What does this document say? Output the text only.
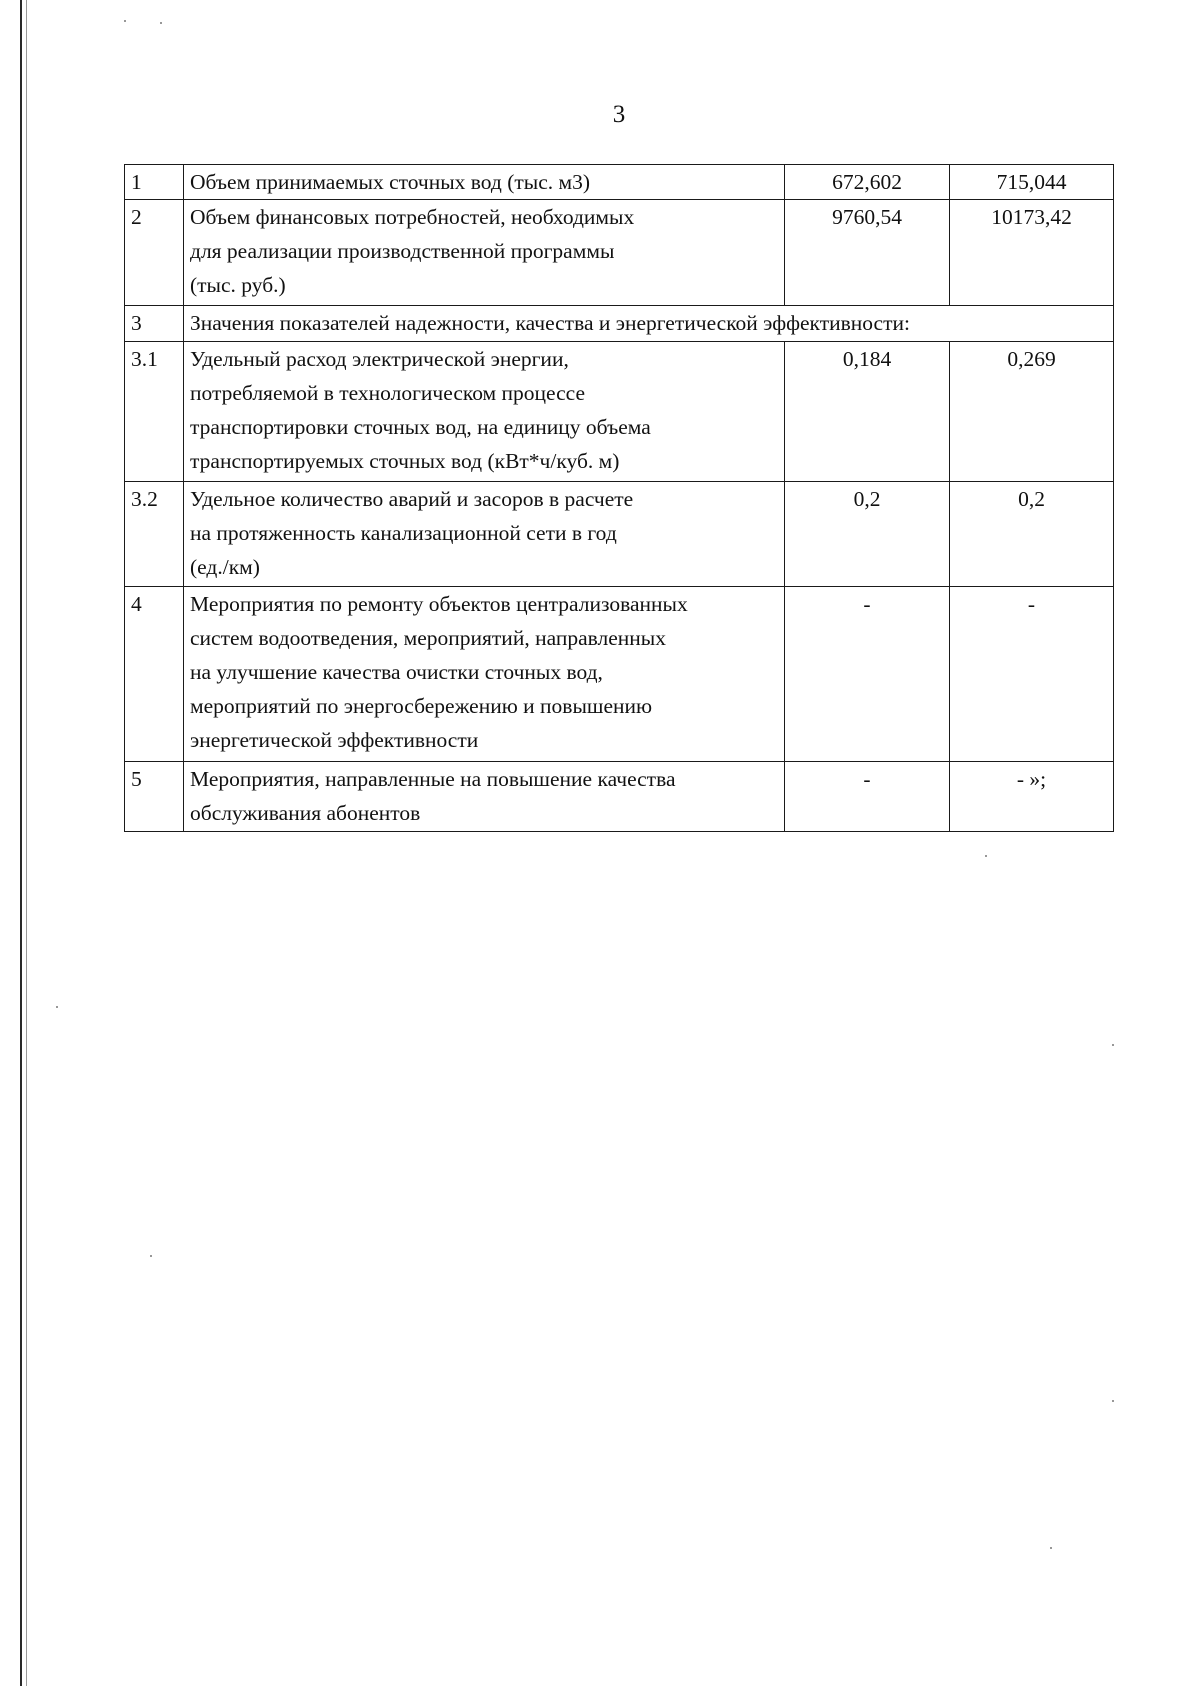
3
1	Объем принимаемых сточных вод (тыс. м3)	672,602	715,044
2	Объем финансовых потребностей, необходимых
для реализации производственной программы
(тыс. руб.)	9760,54	10173,42
3	Значения показателей надежности, качества и энергетической эффективности:		
3.1	Удельный расход электрической энергии,
потребляемой в технологическом процессе
транспортировки сточных вод, на единицу объема
транспортируемых сточных вод (кВт*ч/куб. м)	0,184	0,269
3.2	Удельное количество аварий и засоров в расчете
на протяженность канализационной сети в год
(ед./км)	0,2	0,2
4	Мероприятия по ремонту объектов централизованных
систем водоотведения, мероприятий, направленных
на улучшение качества очистки сточных вод,
мероприятий по энергосбережению и повышению
энергетической эффективности	-	-
5	Мероприятия, направленные на повышение качества
обслуживания абонентов	-	- »;
